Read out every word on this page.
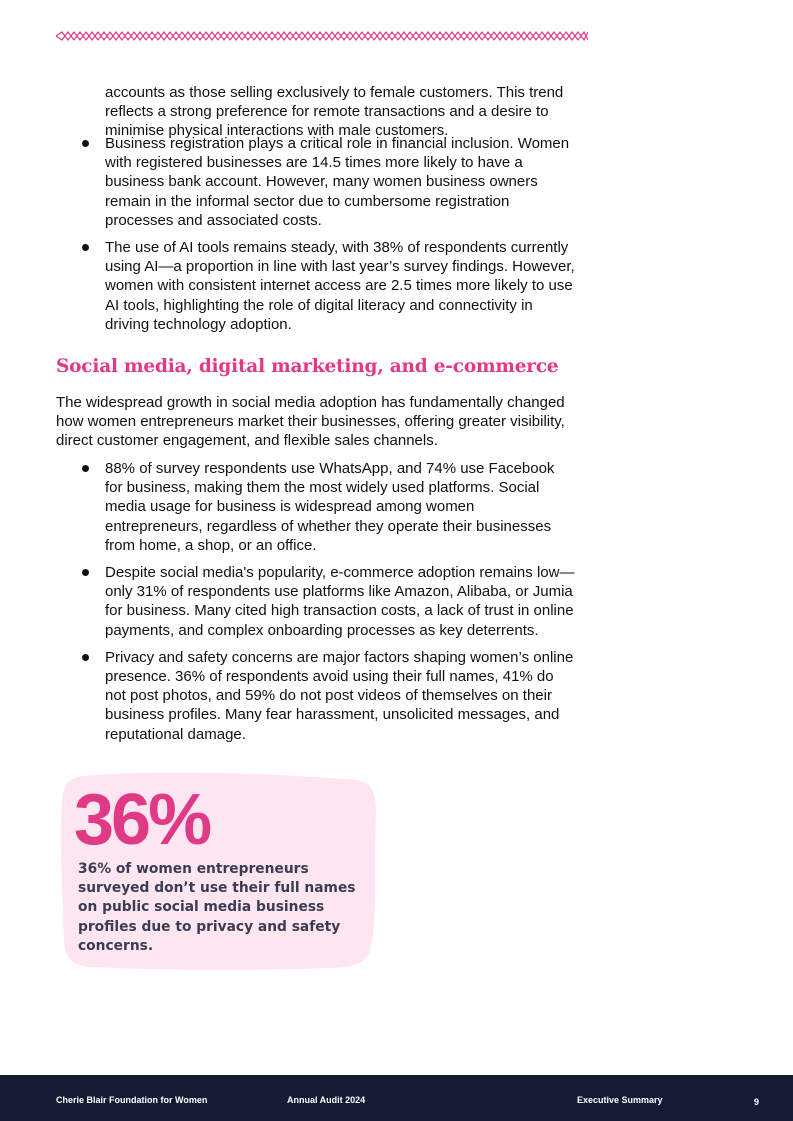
accounts as those selling exclusively to female customers. This trend reflects a strong preference for remote transactions and a desire to minimise physical interactions with male customers.

Business registration plays a critical role in financial inclusion. Women with registered businesses are 14.5 times more likely to have a business bank account. However, many women business owners remain in the informal sector due to cumbersome registration processes and associated costs.
The use of AI tools remains steady, with 38% of respondents currently using AI—a proportion in line with last year’s survey findings. However, women with consistent internet access are 2.5 times more likely to use AI tools, highlighting the role of digital literacy and connectivity in driving technology adoption.
Social media, digital marketing, and e-commerce

The widespread growth in social media adoption has fundamentally changed how women entrepreneurs market their businesses, offering greater visibility, direct customer engagement, and flexible sales channels.

88% of survey respondents use WhatsApp, and 74% use Facebook for business, making them the most widely used platforms. Social media usage for business is widespread among women entrepreneurs, regardless of whether they operate their businesses from home, a shop, or an office.
Despite social media's popularity, e-commerce adoption remains low—only 31% of respondents use platforms like Amazon, Alibaba, or Jumia for business. Many cited high transaction costs, a lack of trust in online payments, and complex onboarding processes as key deterrents.
Privacy and safety concerns are major factors shaping women’s online presence. 36% of respondents avoid using their full names, 41% do not post photos, and 59% do not post videos of themselves on their business profiles. Many fear harassment, unsolicited messages, and reputational damage.
36%
36% of women entrepreneurs surveyed don’t use their full names on public social media business profiles due to privacy and safety concerns.
Cherie Blair Foundation for Women	Annual Audit 2024	Executive Summary	9
